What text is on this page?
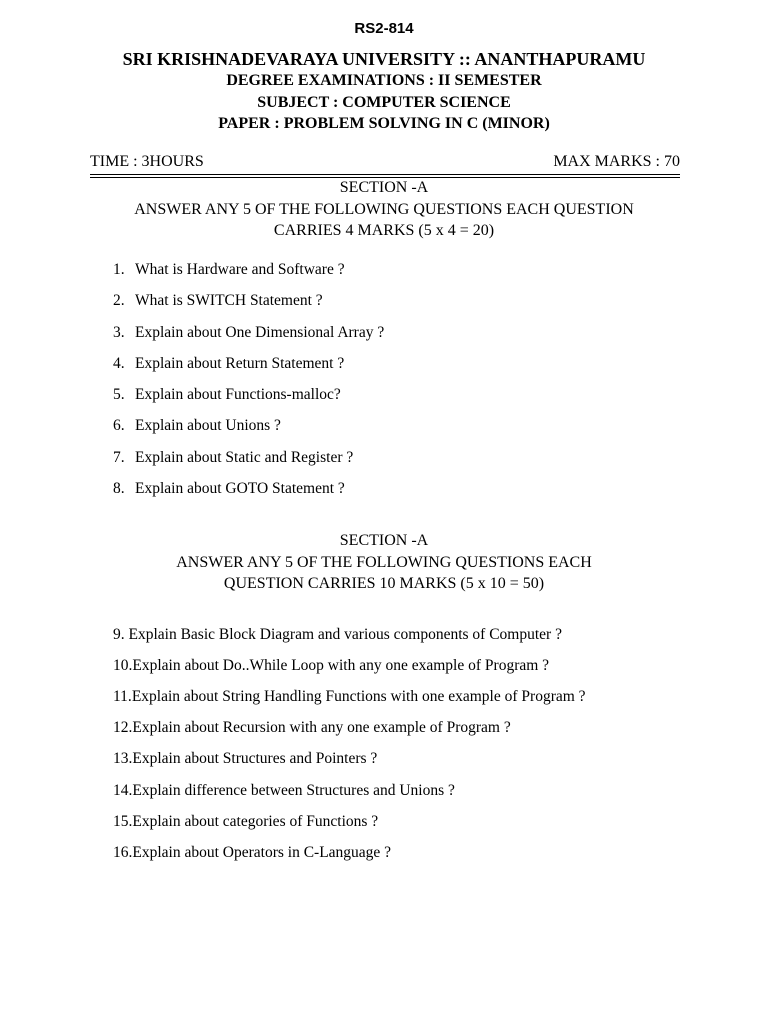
RS2-814
SRI KRISHNADEVARAYA UNIVERSITY :: ANANTHAPURAMU
DEGREE EXAMINATIONS : II SEMESTER
SUBJECT : COMPUTER SCIENCE
PAPER : PROBLEM SOLVING IN C (MINOR)
TIME : 3HOURS	MAX MARKS : 70
SECTION -A
ANSWER ANY 5 OF THE FOLLOWING QUESTIONS EACH QUESTION
CARRIES 4 MARKS (5 x 4 = 20)
1. What is Hardware and Software ?
2. What is SWITCH Statement ?
3. Explain about One Dimensional Array ?
4. Explain about Return Statement ?
5. Explain about Functions-malloc?
6. Explain about Unions ?
7. Explain about Static and Register ?
8. Explain about GOTO Statement ?
SECTION -A
ANSWER ANY 5 OF THE FOLLOWING QUESTIONS EACH
QUESTION CARRIES 10 MARKS (5 x 10 = 50)
9. Explain Basic Block Diagram and various components of Computer ?
10.Explain about Do..While Loop with any one example of Program ?
11.Explain about String Handling Functions with one example of Program ?
12.Explain about Recursion with any one example of Program ?
13.Explain about Structures and Pointers ?
14.Explain difference between Structures and Unions ?
15.Explain about categories of Functions ?
16.Explain about Operators in C-Language ?
